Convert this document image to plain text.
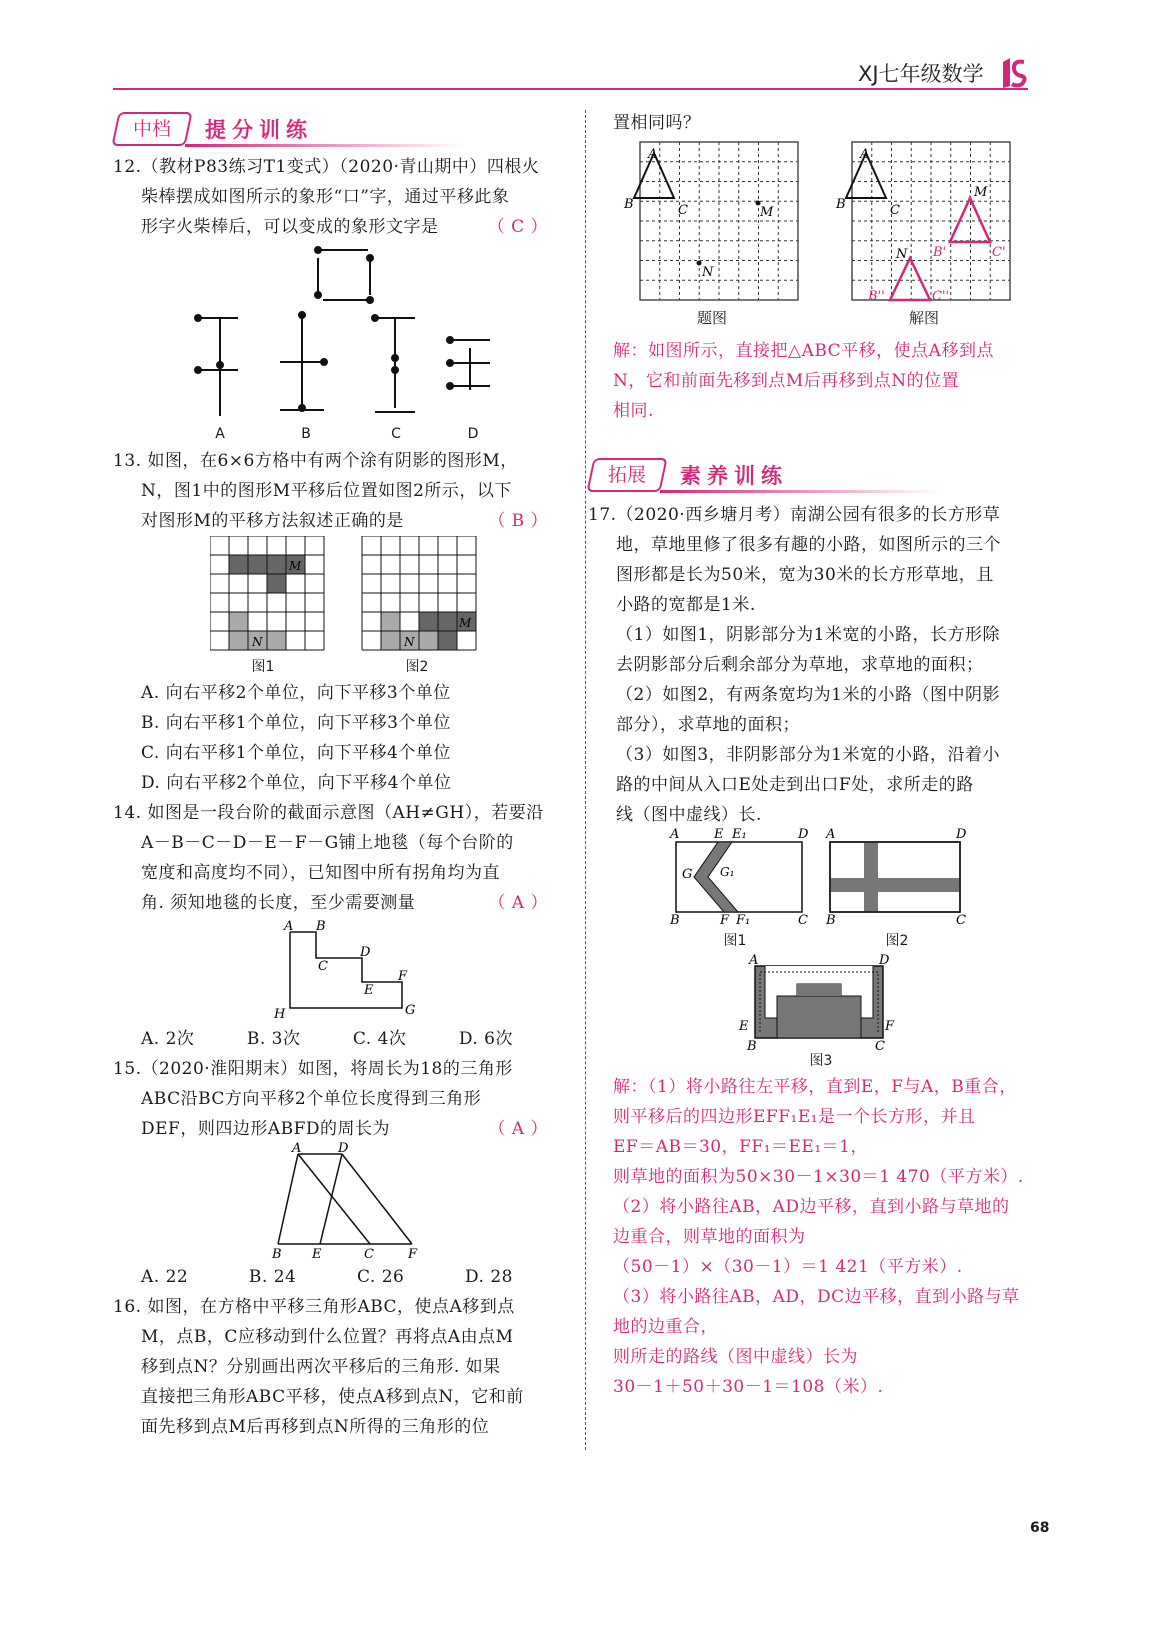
XJ七年级数学
中档	提分训练

12.（教材P83练习T1变式）（2020·青山期中）四根火

柴棒摆成如图所示的象形“口”字，通过平移此象

形字火柴棒后，可以变成的象形文字是	（ C ）

A	B	C	D

13. 如图，在6×6方格中有两个涂有阴影的图形M，

N，图1中的图形M平移后位置如图2所示，以下

对图形M的平移方法叙述正确的是	（ B ）

M
N
M
N
图1	图2

A. 向右平移2个单位，向下平移3个单位

B. 向右平移1个单位，向下平移3个单位

C. 向右平移1个单位，向下平移4个单位

D. 向右平移2个单位，向下平移4个单位

14. 如图是一段台阶的截面示意图（AH≠GH），若要沿

A－B－C－D－E－F－G铺上地毯（每个台阶的

宽度和高度均不同），已知图中所有拐角均为直

角. 须知地毯的长度，至少需要测量	（ A ）

A B
C
D
E
F
G
H
A. 2次	B. 3次	C. 4次	D. 6次

15.（2020·淮阳期末）如图，将周长为18的三角形

ABC沿BC方向平移2个单位长度得到三角形

DEF，则四边形ABFD的周长为	（ A ）

A	D
B E	C	F
A. 22	B. 24	C. 26	D. 28

16. 如图，在方格中平移三角形ABC，使点A移到点

M，点B，C应移动到什么位置？再将点A由点M

移到点N？分别画出两次平移后的三角形. 如果

直接把三角形ABC平移，使点A移到点N，它和前

面先移到点M后再移到点N所得的三角形的位

置相同吗？

A
B	C	M
N
A
B	C
M
N B'	C'
B''	C''
题图	解图

解：如图所示，直接把△ABC平移，使点A移到点

N，它和前面先移到点M后再移到点N的位置

相同.

拓展	素养训练

17.（2020·西乡塘月考）南湖公园有很多的长方形草

地，草地里修了很多有趣的小路，如图所示的三个

图形都是长为50米，宽为30米的长方形草地，且

小路的宽都是1米.

（1）如图1，阴影部分为1米宽的小路，长方形除

去阴影部分后剩余部分为草地，求草地的面积；

（2）如图2，有两条宽均为1米的小路（图中阴影

部分），求草地的面积；

（3）如图3，非阴影部分为1米宽的小路，沿着小

路的中间从入口E处走到出口F处，求所走的路

线（图中虚线）长.

A	E E₁	D
G G₁
B	F F₁	C
A	D
B	C
图1	图2
A	D
E	F
B	C
图3

解：（1）将小路往左平移，直到E，F与A，B重合，

则平移后的四边形EFF₁E₁是一个长方形，并且

EF＝AB＝30，FF₁＝EE₁＝1，

则草地的面积为50×30－1×30＝1 470（平方米）.

（2）将小路往AB，AD边平移，直到小路与草地的

边重合，则草地的面积为

（50－1）×（30－1）＝1 421（平方米）.

（3）将小路往AB，AD，DC边平移，直到小路与草

地的边重合，

则所走的路线（图中虚线）长为

30－1＋50＋30－1＝108（米）.

68
